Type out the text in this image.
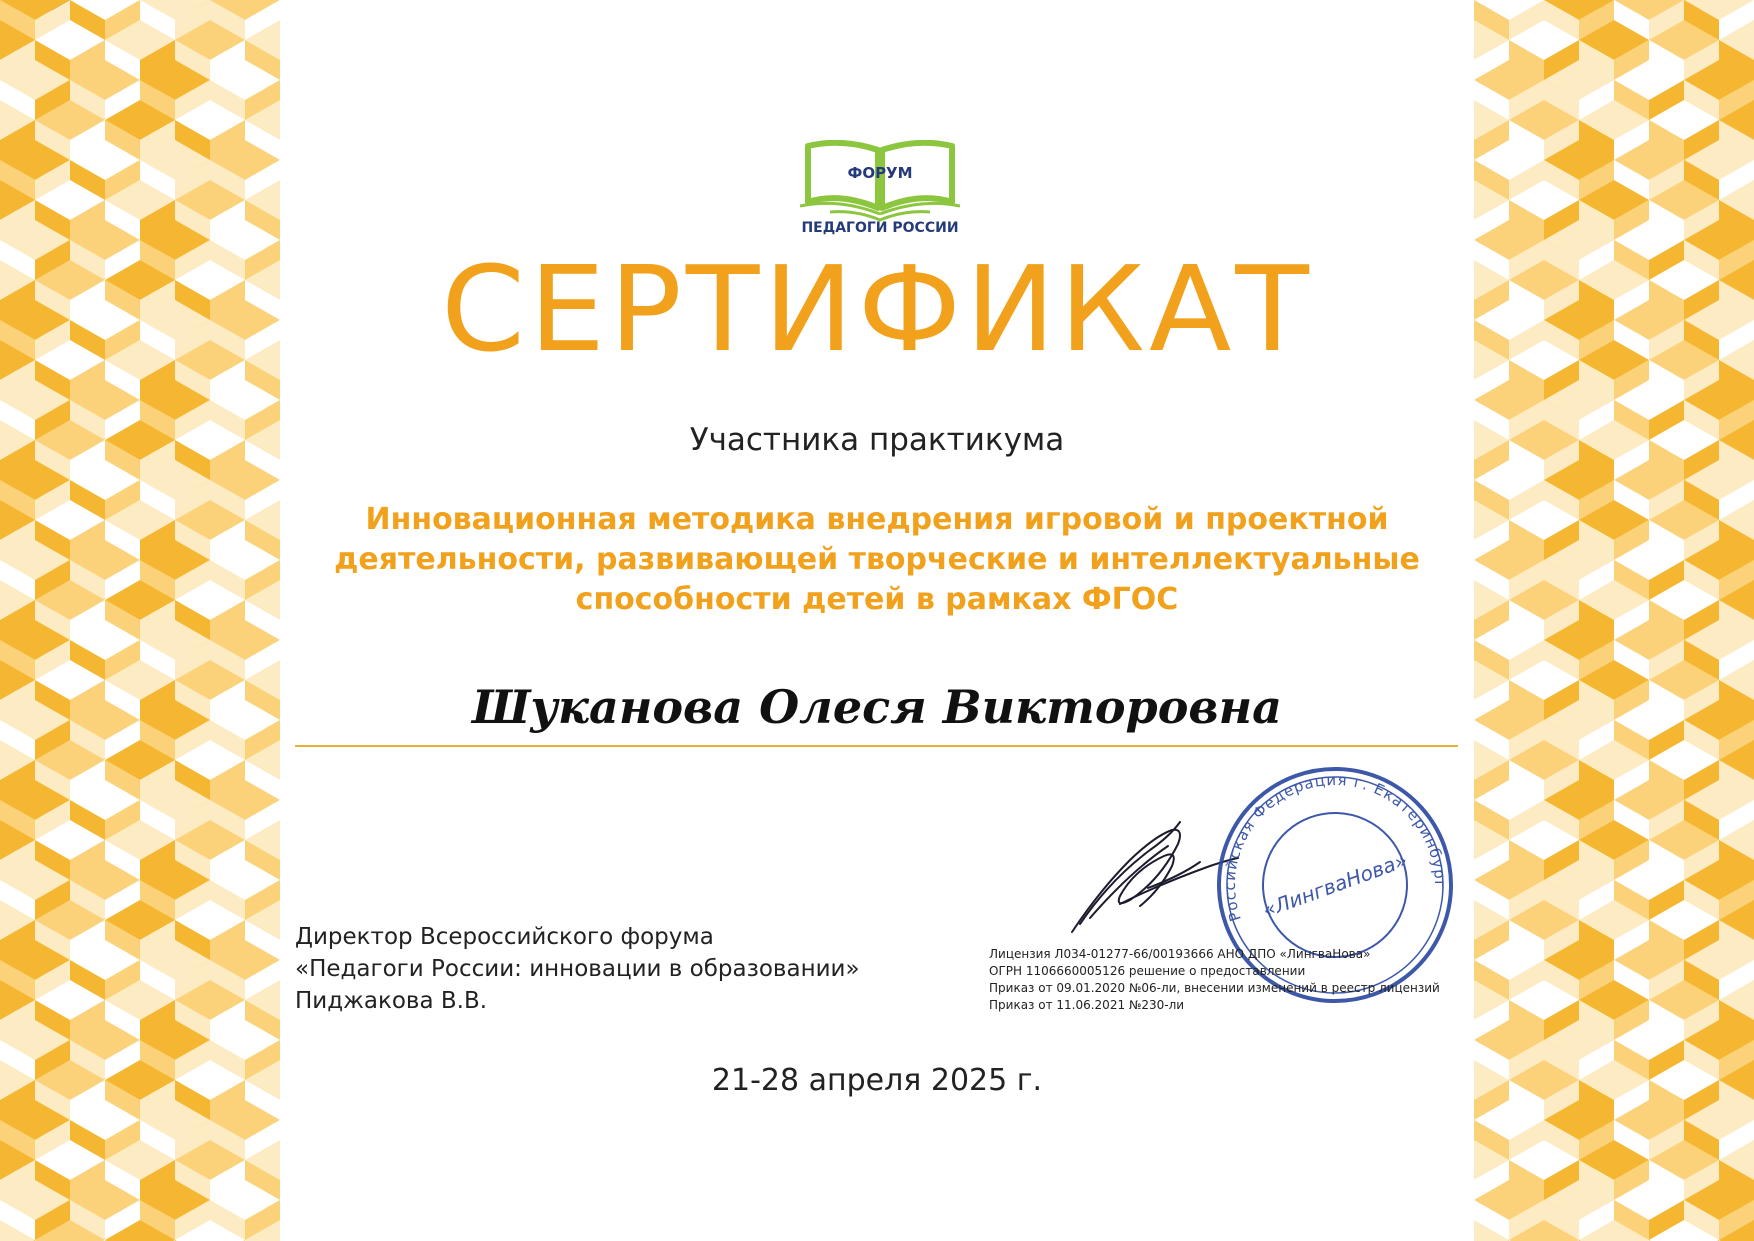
ФОРУМ
ПЕДАГОГИ РОССИИ
СЕРТИФИКАТ
Участника практикума
Инновационная методика внедрения игровой и проектной
деятельности, развивающей творческие и интеллектуальные
способности детей в рамках ФГОС
Шуканова Олеся Викторовна
Директор Всероссийского форума
«Педагоги России: инновации в образовании»
Пиджакова В.В.
Российская Федерация г. Екатеринбург
«ЛингваНова»
Лицензия Л034-01277-66/00193666 АНО ДПО «ЛингваНова»
ОГРН 1106660005126 решение о предоставлении
Приказ от 09.01.2020 №06-ли, внесении изменений в реестр лицензий
Приказ от 11.06.2021 №230-ли
21-28 апреля 2025 г.
